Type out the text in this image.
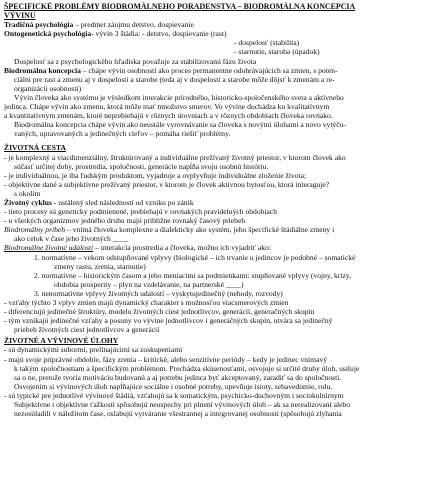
ŠPECIFICKÉ PROBLÉMY BIODROMÁLNEHO PORADENSTVA – BIODROMÁLNA KONCEPCIA
VÝVINU
Tradičná psychológia – predmet záujmu detstvo, dospievanie
Ontogenetická psychológia- vývin 3 štádia: - detstvo, dospievanie (rast)
- dospelosť (stabilita)
- starnutie, staroba (úpadok)
Dospelosť sa z psychologického hľadiska považuje za stabilizovanú fázu života
Biodromálna koncepcia – chápe vývin osobnosti ako proces permanentne odohrávajúcich sa zmien, s poten-
ciálni pre rast a zmenu aj v dospelosti a starobe (teda aj v dospelosti a starobe môže dôjsť k zmenám a re-
organizácii osobnosti)
Vývin človeka ako systému je výsledkom interakcie prírodného, historicko-spoločenského sveta a aktívneho
jedinca. Chápe vývin ako zmenu, ktorá môže mať množstvo smerov. Vo vývine dochádza ku kvalitatívnym
a kvantitatívnym zmenám, ktoré neprebiehajú v rôznych úrovniach a v rôznych obdobiach človeka rovnako.
Biodromálna koncepcia chápe vývin ako neustále vyrovnávanie sa človeka s novými úlohami a novo vytýčo-
vaných, upravovaných a jedinečných cieľov – pomáha riešiť problémy.
ŽIVOTNÁ CESTA
- je komplexný a viacdimenziálny, štruktúrovaný a individuálne prežívaný životný priestor, v ktorom človek ako
súčasť určitej doby, prostredia, spoločnosti, generácie napĺňa svoju osobnú históriu.
- je individuálnou, je iba ľudským produktom, vyjadruje a ovplyvňuje individuálne zloženie života;
- objektívne dané a subjektívne prežívaný priestor, v ktorom je človek aktívnou bytosťou, ktorá interaguje?
s okolím
Životný cyklus - ustálený sled následností od vzniku po zánik
- tieto procesy sú geneticky podmienené, prebiehajú v rovnakých pravidelných obdobiach
- u všetkých organizmov jedného druhu majú približne rovnaký časový priebeh
Biodromálny príbeh – vnímá človeka komplexne a dialekticky ako systém, jeho špecifické štádiálne zmeny i
ako celok v čase jeho životných ____
Biodromálne životné udalosti – interakcia prostredia a človeka, možno ich vyjadriť ako:
1. normatívne – vekom odstupňované vplyvy (biologické – ich trvanie u jedincov je podobné – somatické
zmeny rastu, zrenia, starnutie)
2. normatívne – historickým časom a jeho meniacimi sa podmienkami: stupňované vplyvy (vojny, krízy,
obdobia prosperity – plyn na vzdelávanie, na partnerské ____)
3. nenormatívne vplyvy životných udalostí – vyskytujedinečný (nehody, rozvody)
- vzťahy týchto 3 vplyv zmien majú dynamický charakter s možnosťou viacsmerových zmien
- diferenciujú jedinečné štruktúry, modelu životných ciest jednotlivcov, generácií, generačných skupín
- tým vznikajú jedinečné vzťahy a posuny vo vývine jednotlivcov i generačných skupín, utvára sa jedinečný
priebeh životných ciest jednotlivcov a generácií
ŽIVOTNÉ A VÝVINOVÉ ÚLOHY
- sú dynamickými subormi, prelínajúcimi sa zoskupeniami
- majú svoje príprávné obdobie, fázy zrenia – kritické, alebo senzitívne periódy – kedy je jedinec vnímavý
k takým spoločnostiam a špecifickým problémom. Prechádza skúsenosťami, osvojuje si určité druhy úloh, usiluje
sa o ne, pretože tvoria motiváciu budovanú a aj potrebu jedinca byť akceptovaný, zaradiť sa do spoločnosti.
Osvojením si vývinových úloh napĺňajúce sociálne i osobné potreby, upevňuje istoty, sebavedomie, rolu.
- sú typické pre jednotlivé vývinové štádiá, vzťahujú sa k somatickým, psychicko-duchovným i sociokultúrnym
Subjektívne i objektívne ťažkosti spôsobujú neuspechy pri plnení vývinových úloh – ak sa nerealizovaní alebo
nezosúladili v náležitom čase, oslabujú vytváranie všestrannej a integrovanej osobnosti (spôsobujú zlyhania
